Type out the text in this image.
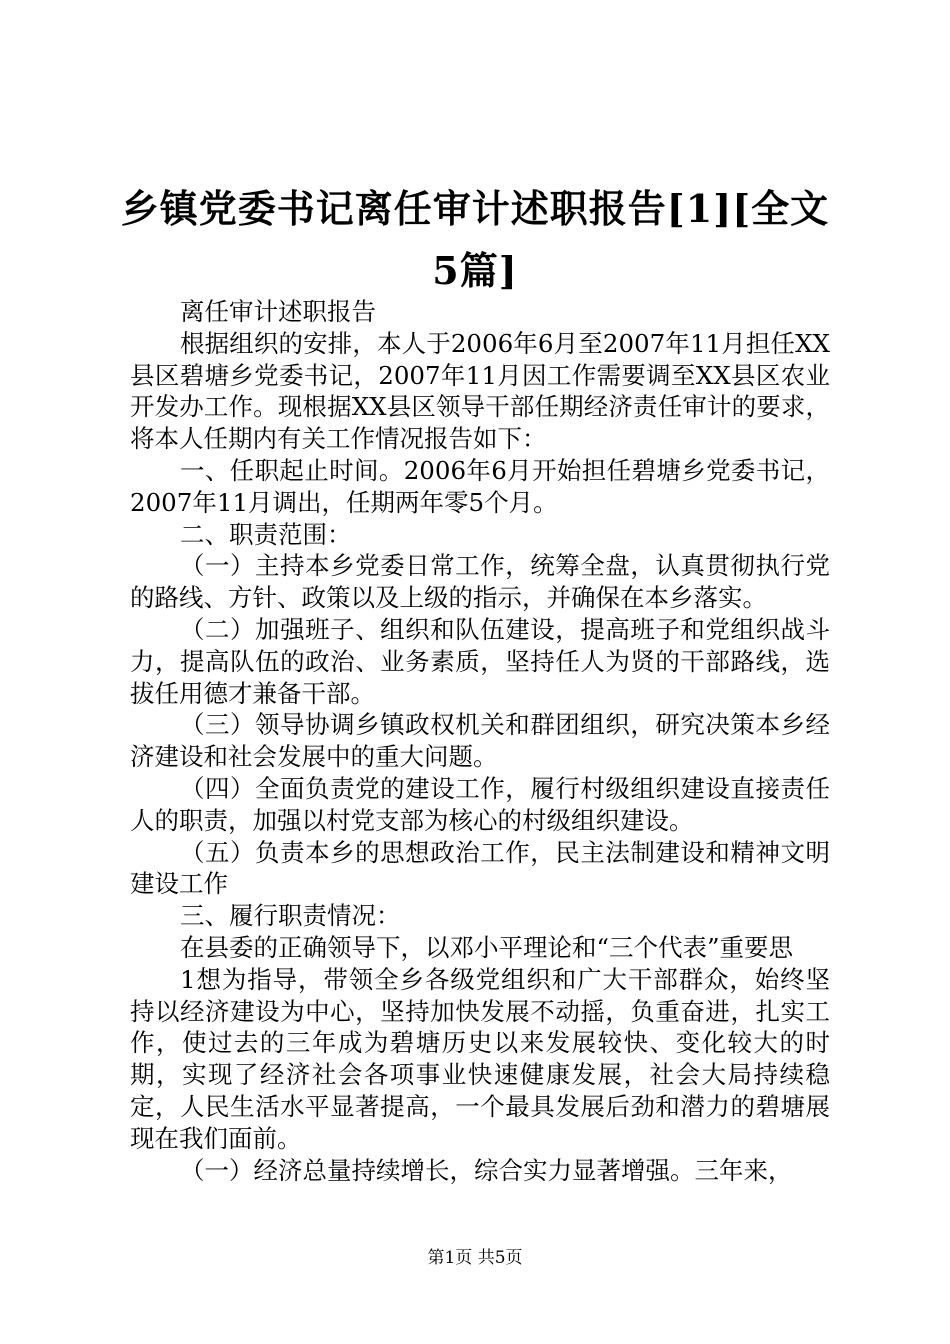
乡镇党委书记离任审计述职报告[1][全文5篇]

离任审计述职报告

根据组织的安排，本人于2006年6月至2007年11月担任XX县区碧塘乡党委书记，2007年11月因工作需要调至XX县区农业开发办工作。现根据XX县区领导干部任期经济责任审计的要求，将本人任期内有关工作情况报告如下：

一、任职起止时间。2006年6月开始担任碧塘乡党委书记，2007年11月调出，任期两年零5个月。

二、职责范围：

（一）主持本乡党委日常工作，统筹全盘，认真贯彻执行党的路线、方针、政策以及上级的指示，并确保在本乡落实。

（二）加强班子、组织和队伍建设，提高班子和党组织战斗力，提高队伍的政治、业务素质，坚持任人为贤的干部路线，选拔任用德才兼备干部。

（三）领导协调乡镇政权机关和群团组织，研究决策本乡经济建设和社会发展中的重大问题。

（四）全面负责党的建设工作，履行村级组织建设直接责任人的职责，加强以村党支部为核心的村级组织建设。

（五）负责本乡的思想政治工作，民主法制建设和精神文明建设工作

三、履行职责情况：

在县委的正确领导下，以邓小平理论和“三个代表”重要思

1想为指导，带领全乡各级党组织和广大干部群众，始终坚持以经济建设为中心，坚持加快发展不动摇，负重奋进，扎实工作，使过去的三年成为碧塘历史以来发展较快、变化较大的时期，实现了经济社会各项事业快速健康发展，社会大局持续稳定，人民生活水平显著提高，一个最具发展后劲和潜力的碧塘展现在我们面前。

（一）经济总量持续增长，综合实力显著增强。三年来，

第1页 共5页
